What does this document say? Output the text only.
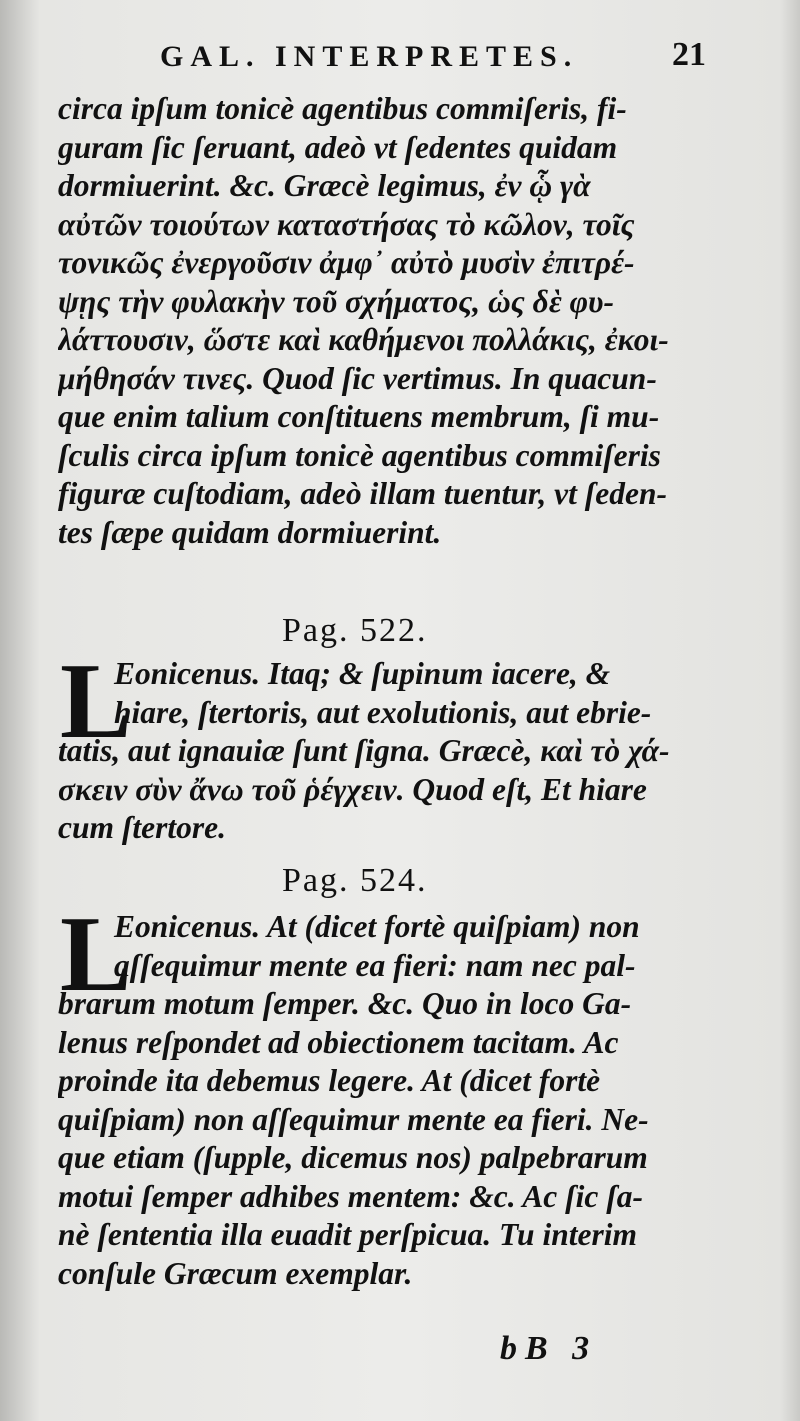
GAL. INTERPRETES.	21
circa ipſum tonicè agentibus commiſeris, fi-
guram ſic ſeruant, adeò vt ſedentes quidam
dormiuerint. &c. Græcè legimus, ἐν ᾧ γὰ
αὐτῶν τοιούτων καταστήσας τὸ κῶλον, τοῖς
τονικῶς ἐνεργοῦσιν ἀμφ᾽ αὐτὸ μυσὶν ἐπιτρέ-
ψῃς τὴν φυλακὴν τοῦ σχήματος, ὡς δὲ φυ-
λάττουσιν, ὥστε καὶ καθήμενοι πολλάκις, ἐκοι-
μήθησάν τινες. Quod ſic vertimus. In quacun-
que enim talium conſtituens membrum, ſi mu-
ſculis circa ipſum tonicè agentibus commiſeris
figuræ cuſtodiam, adeò illam tuentur, vt ſeden-
tes ſæpe quidam dormiuerint.
Pag. 522.
L
Eonicenus. Itaq; & ſupinum iacere, &
hiare, ſtertoris, aut exolutionis, aut ebrie-
tatis, aut ignauiæ ſunt ſigna. Græcè, καὶ τὸ χά-
σκειν σὺν ἄνω τοῦ ῥέγχειν. Quod eſt, Et hiare
cum ſtertore.
Pag. 524.
L
Eonicenus. At (dicet fortè quiſpiam) non
aſſequimur mente ea fieri: nam nec pal-
brarum motum ſemper. &c. Quo in loco Ga-
lenus reſpondet ad obiectionem tacitam. Ac
proinde ita debemus legere. At (dicet fortè
quiſpiam) non aſſequimur mente ea fieri. Ne-
que etiam (ſupple, dicemus nos) palpebrarum
motui ſemper adhibes mentem: &c. Ac ſic ſa-
nè ſententia illa euadit perſpicua. Tu interim
conſule Græcum exemplar.
bB 3
